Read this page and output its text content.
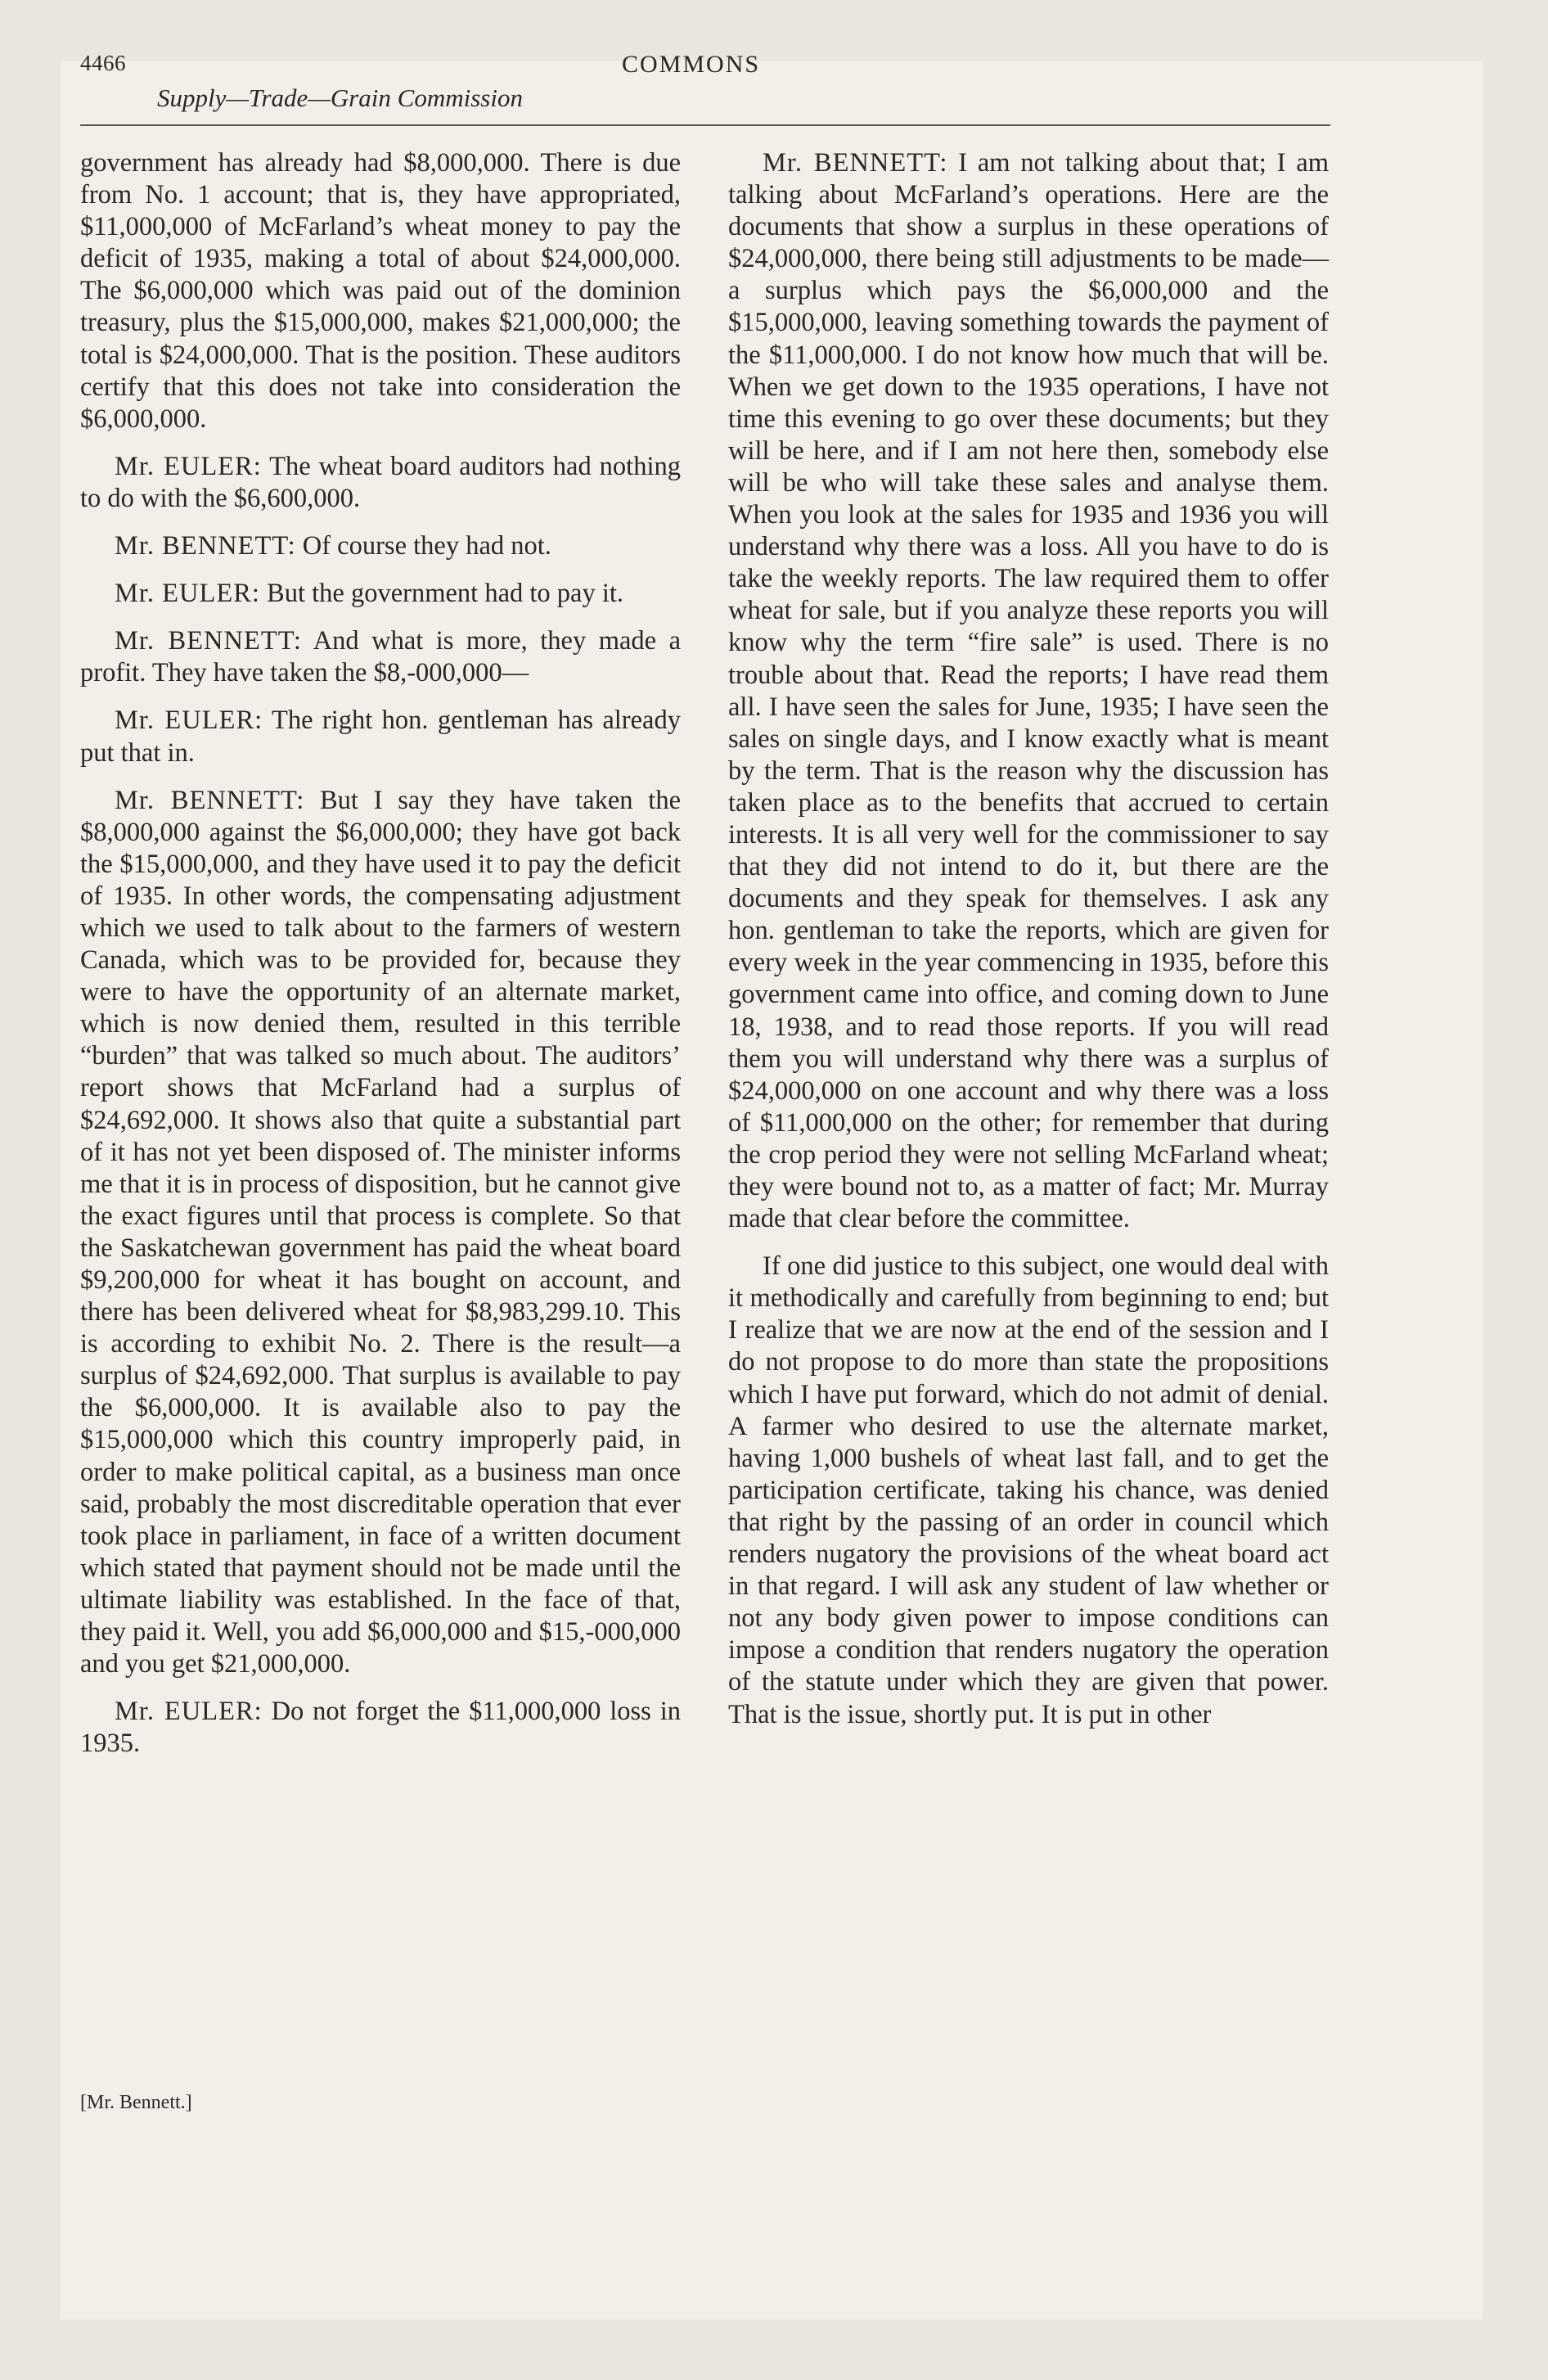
4466	COMMONS
Supply—Trade—Grain Commission

government has already had $8,000,000. There is due from No. 1 account; that is, they have appropriated, $11,000,000 of McFarland’s wheat money to pay the deficit of 1935, making a total of about $24,000,000. The $6,000,000 which was paid out of the dominion treasury, plus the $15,000,000, makes $21,000,000; the total is $24,000,000. That is the position. These auditors certify that this does not take into consideration the $6,000,000.

Mr. EULER: The wheat board auditors had nothing to do with the $6,600,000.

Mr. BENNETT: Of course they had not.

Mr. EULER: But the government had to pay it.

Mr. BENNETT: And what is more, they made a profit. They have taken the $8,-000,000—

Mr. EULER: The right hon. gentleman has already put that in.

Mr. BENNETT: But I say they have taken the $8,000,000 against the $6,000,000; they have got back the $15,000,000, and they have used it to pay the deficit of 1935. In other words, the compensating adjustment which we used to talk about to the farmers of western Canada, which was to be provided for, because they were to have the opportunity of an alternate market, which is now denied them, resulted in this terrible “burden” that was talked so much about. The auditors’ report shows that McFarland had a surplus of $24,692,000. It shows also that quite a substantial part of it has not yet been disposed of. The minister informs me that it is in process of disposition, but he cannot give the exact figures until that process is complete. So that the Saskatchewan government has paid the wheat board $9,200,000 for wheat it has bought on account, and there has been delivered wheat for $8,983,299.10. This is according to exhibit No. 2. There is the result—a surplus of $24,692,000. That surplus is available to pay the $6,000,000. It is available also to pay the $15,000,000 which this country improperly paid, in order to make political capital, as a business man once said, probably the most discreditable operation that ever took place in parliament, in face of a written document which stated that payment should not be made until the ultimate liability was established. In the face of that, they paid it. Well, you add $6,000,000 and $15,-000,000 and you get $21,000,000.

Mr. EULER: Do not forget the $11,000,000 loss in 1935.

[Mr. Bennett.]

Mr. BENNETT: I am not talking about that; I am talking about McFarland’s operations. Here are the documents that show a surplus in these operations of $24,000,000, there being still adjustments to be made—a surplus which pays the $6,000,000 and the $15,000,000, leaving something towards the payment of the $11,000,000. I do not know how much that will be. When we get down to the 1935 operations, I have not time this evening to go over these documents; but they will be here, and if I am not here then, somebody else will be who will take these sales and analyse them. When you look at the sales for 1935 and 1936 you will understand why there was a loss. All you have to do is take the weekly reports. The law required them to offer wheat for sale, but if you analyze these reports you will know why the term “fire sale” is used. There is no trouble about that. Read the reports; I have read them all. I have seen the sales for June, 1935; I have seen the sales on single days, and I know exactly what is meant by the term. That is the reason why the discussion has taken place as to the benefits that accrued to certain interests. It is all very well for the commissioner to say that they did not intend to do it, but there are the documents and they speak for themselves. I ask any hon. gentleman to take the reports, which are given for every week in the year commencing in 1935, before this government came into office, and coming down to June 18, 1938, and to read those reports. If you will read them you will understand why there was a surplus of $24,000,000 on one account and why there was a loss of $11,000,000 on the other; for remember that during the crop period they were not selling McFarland wheat; they were bound not to, as a matter of fact; Mr. Murray made that clear before the committee.

If one did justice to this subject, one would deal with it methodically and carefully from beginning to end; but I realize that we are now at the end of the session and I do not propose to do more than state the propositions which I have put forward, which do not admit of denial. A farmer who desired to use the alternate market, having 1,000 bushels of wheat last fall, and to get the participation certificate, taking his chance, was denied that right by the passing of an order in council which renders nugatory the provisions of the wheat board act in that regard. I will ask any student of law whether or not any body given power to impose conditions can impose a condition that renders nugatory the operation of the statute under which they are given that power. That is the issue, shortly put. It is put in other
